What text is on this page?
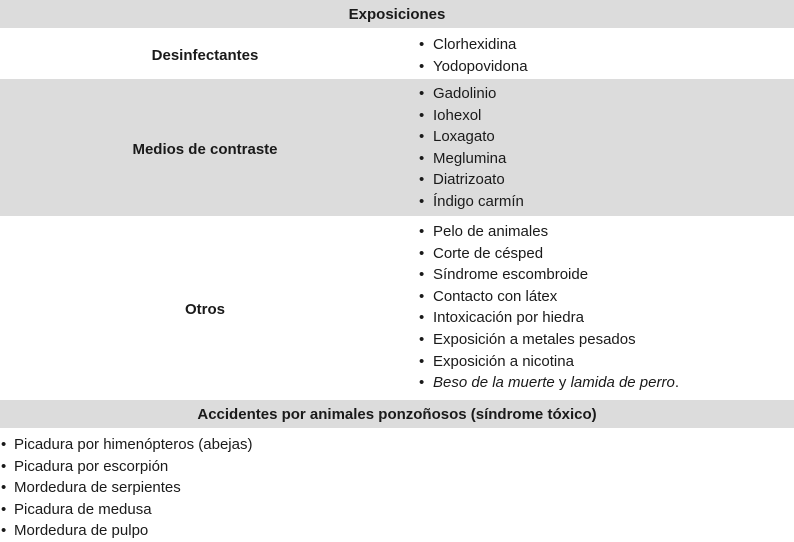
Exposiciones
Desinfectantes
• Clorhexidina
• Yodopovidona
Medios de contraste
• Gadolinio
• Iohexol
• Loxagato
• Meglumina
• Diatrizoato
• Índigo carmín
Otros
• Pelo de animales
• Corte de césped
• Síndrome escombroide
• Contacto con látex
• Intoxicación por hiedra
• Exposición a metales pesados
• Exposición a nicotina
• Beso de la muerte y lamida de perro.
Accidentes por animales ponzoñosos (síndrome tóxico)
• Picadura por himenópteros (abejas)
• Picadura por escorpión
• Mordedura de serpientes
• Picadura de medusa
• Mordedura de pulpo
